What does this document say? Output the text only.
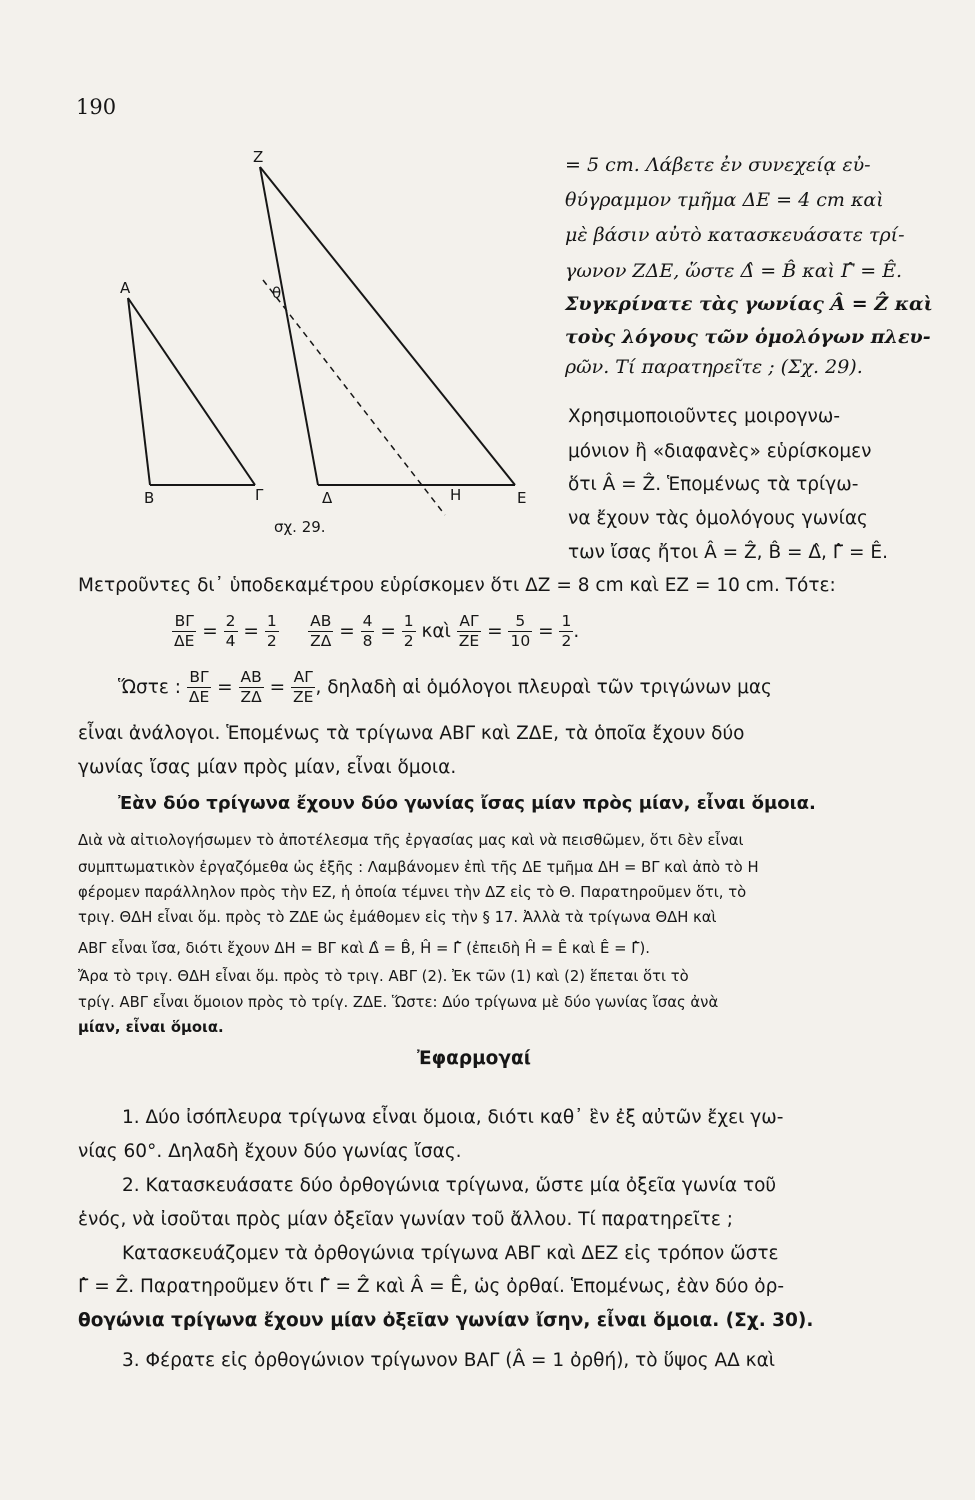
190
Z
A	θ
B	Γ	Δ	H	E
σχ. 29.
= 5 cm. Λάβετε ἐν συνεχείᾳ εὐ-
θύγραμμον τμῆμα ΔΕ = 4 cm καὶ
μὲ βάσιν αὐτὸ κατασκευάσατε τρί-
γωνον ΖΔΕ, ὥστε Δ̂ = B̂ καὶ Γ̂ = Ê.
Συγκρίνατε τὰς γωνίας Â = Ẑ καὶ
τοὺς λόγους τῶν ὁμολόγων πλευ-
ρῶν. Τί παρατηρεῖτε ; (Σχ. 29).
Χρησιμοποιοῦντες μοιρογνω-
μόνιον ἢ «διαφανὲς» εὑρίσκομεν
ὅτι Â = Ẑ. Ἑπομένως τὰ τρίγω-
να ἔχουν τὰς ὁμολόγους γωνίας
των ἴσας ἤτοι Â = Ẑ, B̂ = Δ̂, Γ̂ = Ê.
Μετροῦντες δι᾽ ὑποδεκαμέτρου εὑρίσκομεν ὅτι ΔΖ = 8 cm καὶ ΕΖ = 10 cm. Τότε:
$\frac{B\Gamma}{\Delta E} = \frac{2}{4} = \frac{1}{2}$
$\frac{AB}{Z\Delta} = \frac{4}{8} = \frac{1}{2}$ καὶ $\frac{A\Gamma}{ZE} = \frac{5}{10} = \frac{1}{2}$ .
Ὥστε : $\frac{B\Gamma}{\Delta E} = \frac{AB}{Z\Delta} = \frac{A\Gamma}{ZE}$ , δηλαδὴ αἱ ὁμόλογοι πλευραὶ τῶν τριγώνων μας
εἶναι ἀνάλογοι. Ἑπομένως τὰ τρίγωνα ΑΒΓ καὶ ΖΔΕ, τὰ ὁποῖα ἔχουν δύο
γωνίας ἴσας μίαν πρὸς μίαν, εἶναι ὅμοια.
Ἐὰν δύο τρίγωνα ἔχουν δύο γωνίας ἴσας μίαν πρὸς μίαν, εἶναι ὅμοια.
Διὰ νὰ αἰτιολογήσωμεν τὸ ἀποτέλεσμα τῆς ἐργασίας μας καὶ νὰ πεισθῶμεν, ὅτι δὲν εἶναι
συμπτωματικὸν ἐργαζόμεθα ὡς ἑξῆς : Λαμβάνομεν ἐπὶ τῆς ΔΕ τμῆμα ΔΗ = ΒΓ καὶ ἀπὸ τὸ Η
φέρομεν παράλληλον πρὸς τὴν ΕΖ, ἡ ὁποία τέμνει τὴν ΔΖ εἰς τὸ Θ. Παρατηροῦμεν ὅτι, τὸ
τριγ. ΘΔΗ εἶναι ὅμ. πρὸς τὸ ΖΔΕ ὡς ἐμάθομεν εἰς τὴν § 17. Ἀλλὰ τὰ τρίγωνα ΘΔΗ καὶ
ΑΒΓ εἶναι ἴσα, διότι ἔχουν ΔΗ = ΒΓ καὶ Δ̂ = B̂, Ĥ = Γ̂ (ἐπειδὴ Ĥ = Ê καὶ Ê = Γ̂).
Ἄρα τὸ τριγ. ΘΔΗ εἶναι ὅμ. πρὸς τὸ τριγ. ΑΒΓ (2). Ἐκ τῶν (1) καὶ (2) ἕπεται ὅτι τὸ
τρίγ. ΑΒΓ εἶναι ὅμοιον πρὸς τὸ τρίγ. ΖΔΕ. Ὥστε: Δύο τρίγωνα μὲ δύο γωνίας ἴσας ἀνὰ
μίαν, εἶναι ὅμοια.
Ἐφαρμογαί
1. Δύο ἰσόπλευρα τρίγωνα εἶναι ὅμοια, διότι καθ᾽ ἓν ἐξ αὐτῶν ἔχει γω-
νίας 60°. Δηλαδὴ ἔχουν δύο γωνίας ἴσας.
2. Κατασκευάσατε δύο ὀρθογώνια τρίγωνα, ὥστε μία ὀξεῖα γωνία τοῦ
ἑνός, νὰ ἰσοῦται πρὸς μίαν ὀξεῖαν γωνίαν τοῦ ἄλλου. Τί παρατηρεῖτε ;
Κατασκευάζομεν τὰ ὀρθογώνια τρίγωνα ΑΒΓ καὶ ΔΕΖ εἰς τρόπον ὥστε
Γ̂ = Ẑ. Παρατηροῦμεν ὅτι Γ̂ = Ẑ καὶ Â = Ê, ὡς ὀρθαί. Ἑπομένως, ἐὰν δύο ὀρ-
θογώνια τρίγωνα ἔχουν μίαν ὀξεῖαν γωνίαν ἴσην, εἶναι ὅμοια. (Σχ. 30).
3. Φέρατε εἰς ὀρθογώνιον τρίγωνον ΒΑΓ (Â = 1 ὀρθή), τὸ ὕψος ΑΔ καὶ
